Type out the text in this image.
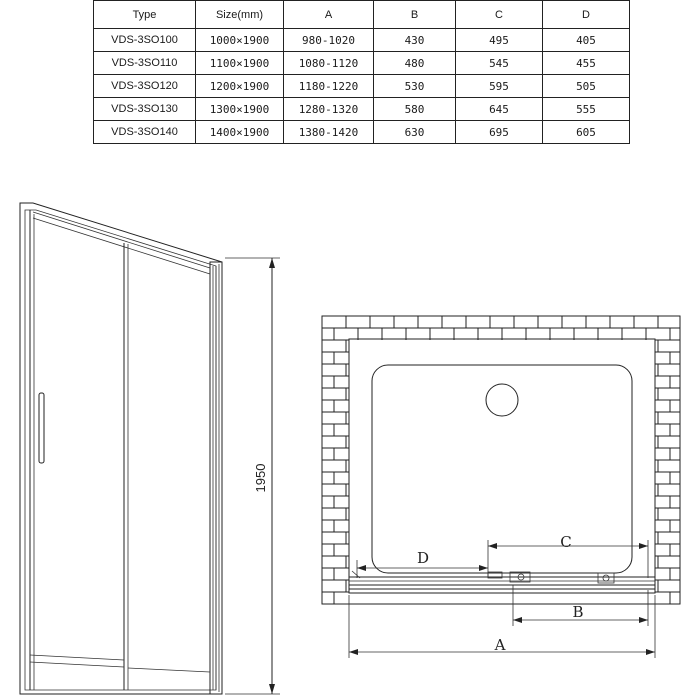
Type	Size(mm)	A	B	C	D
VDS-3SO100	1000×1900	980-1020	430	495	405
VDS-3SO110	1100×1900	1080-1120	480	545	455
VDS-3SO120	1200×1900	1180-1220	530	595	505
VDS-3SO130	1300×1900	1280-1320	580	645	555
VDS-3SO140	1400×1900	1380-1420	630	695	605
1950
D
C
B
A
